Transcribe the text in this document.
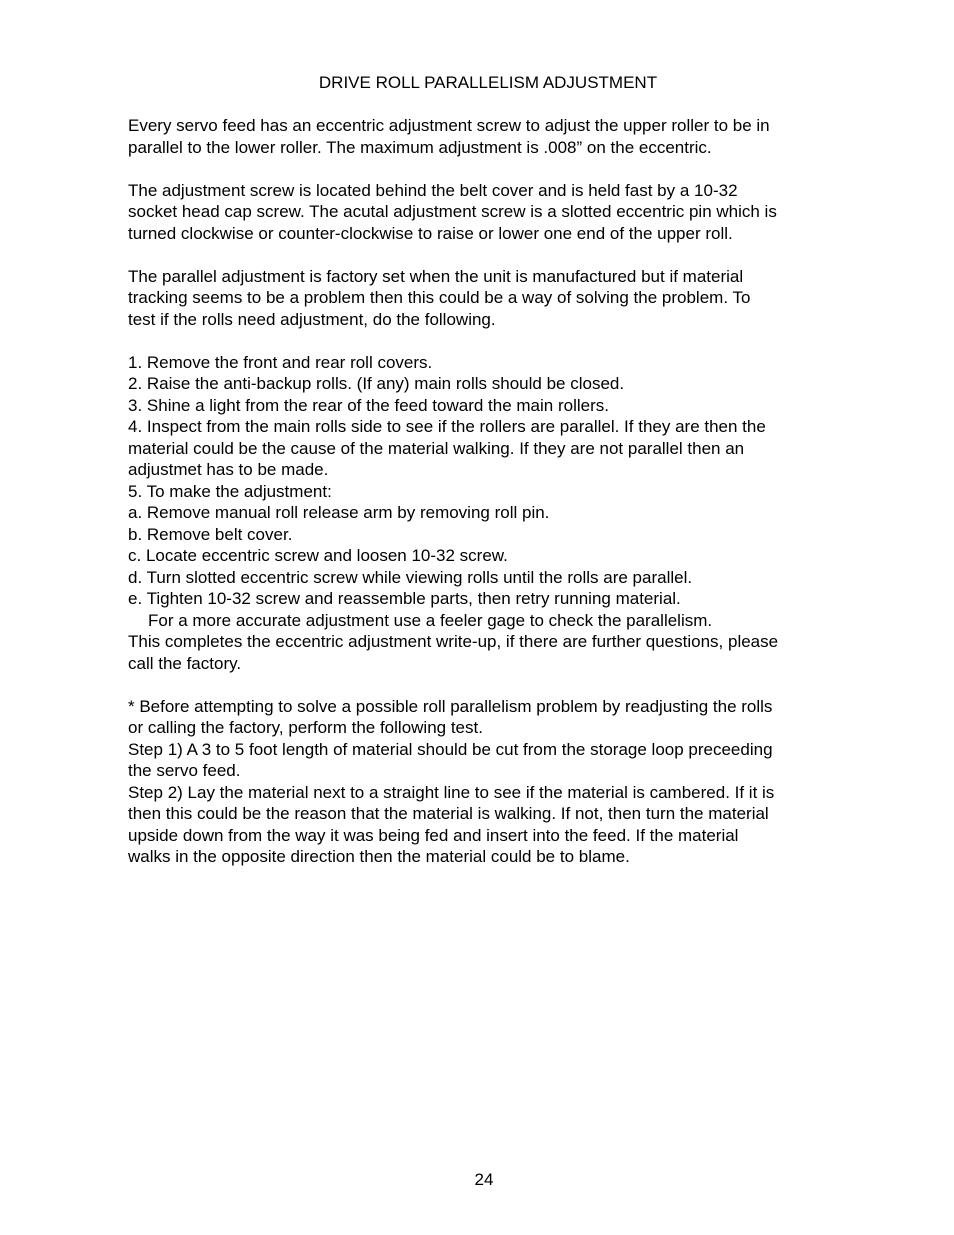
DRIVE ROLL PARALLELISM ADJUSTMENT
Every servo feed has an eccentric adjustment screw to adjust the upper roller to be in
parallel to the lower roller. The maximum adjustment is .008” on the eccentric.
The adjustment screw is located behind the belt cover and is held fast by a 10-32
socket head cap screw. The acutal adjustment screw is a slotted eccentric pin which is
turned clockwise or counter-clockwise to raise or lower one end of the upper roll.
The parallel adjustment is factory set when the unit is manufactured but if material
tracking seems to be a problem then this could be a way of solving the problem. To
test if the rolls need adjustment, do the following.
1. Remove the front and rear roll covers.
2. Raise the anti-backup rolls. (If any) main rolls should be closed.
3. Shine a light from the rear of the feed toward the main rollers.
4. Inspect from the main rolls side to see if the rollers are parallel. If they are then the
material could be the cause of the material walking. If they are not parallel then an
adjustmet has to be made.
5. To make the adjustment:
a. Remove manual roll release arm by removing roll pin.
b. Remove belt cover.
c. Locate eccentric screw and loosen 10-32 screw.
d. Turn slotted eccentric screw while viewing rolls until the rolls are parallel.
e. Tighten 10-32 screw and reassemble parts, then retry running material.
For a more accurate adjustment use a feeler gage to check the parallelism.
This completes the eccentric adjustment write-up, if there are further questions, please
call the factory.
* Before attempting to solve a possible roll parallelism problem by readjusting the rolls
or calling the factory, perform the following test.
Step 1) A 3 to 5 foot length of material should be cut from the storage loop preceeding
the servo feed.
Step 2) Lay the material next to a straight line to see if the material is cambered. If it is
then this could be the reason that the material is walking. If not, then turn the material
upside down from the way it was being fed and insert into the feed. If the material
walks in the opposite direction then the material could be to blame.
24
